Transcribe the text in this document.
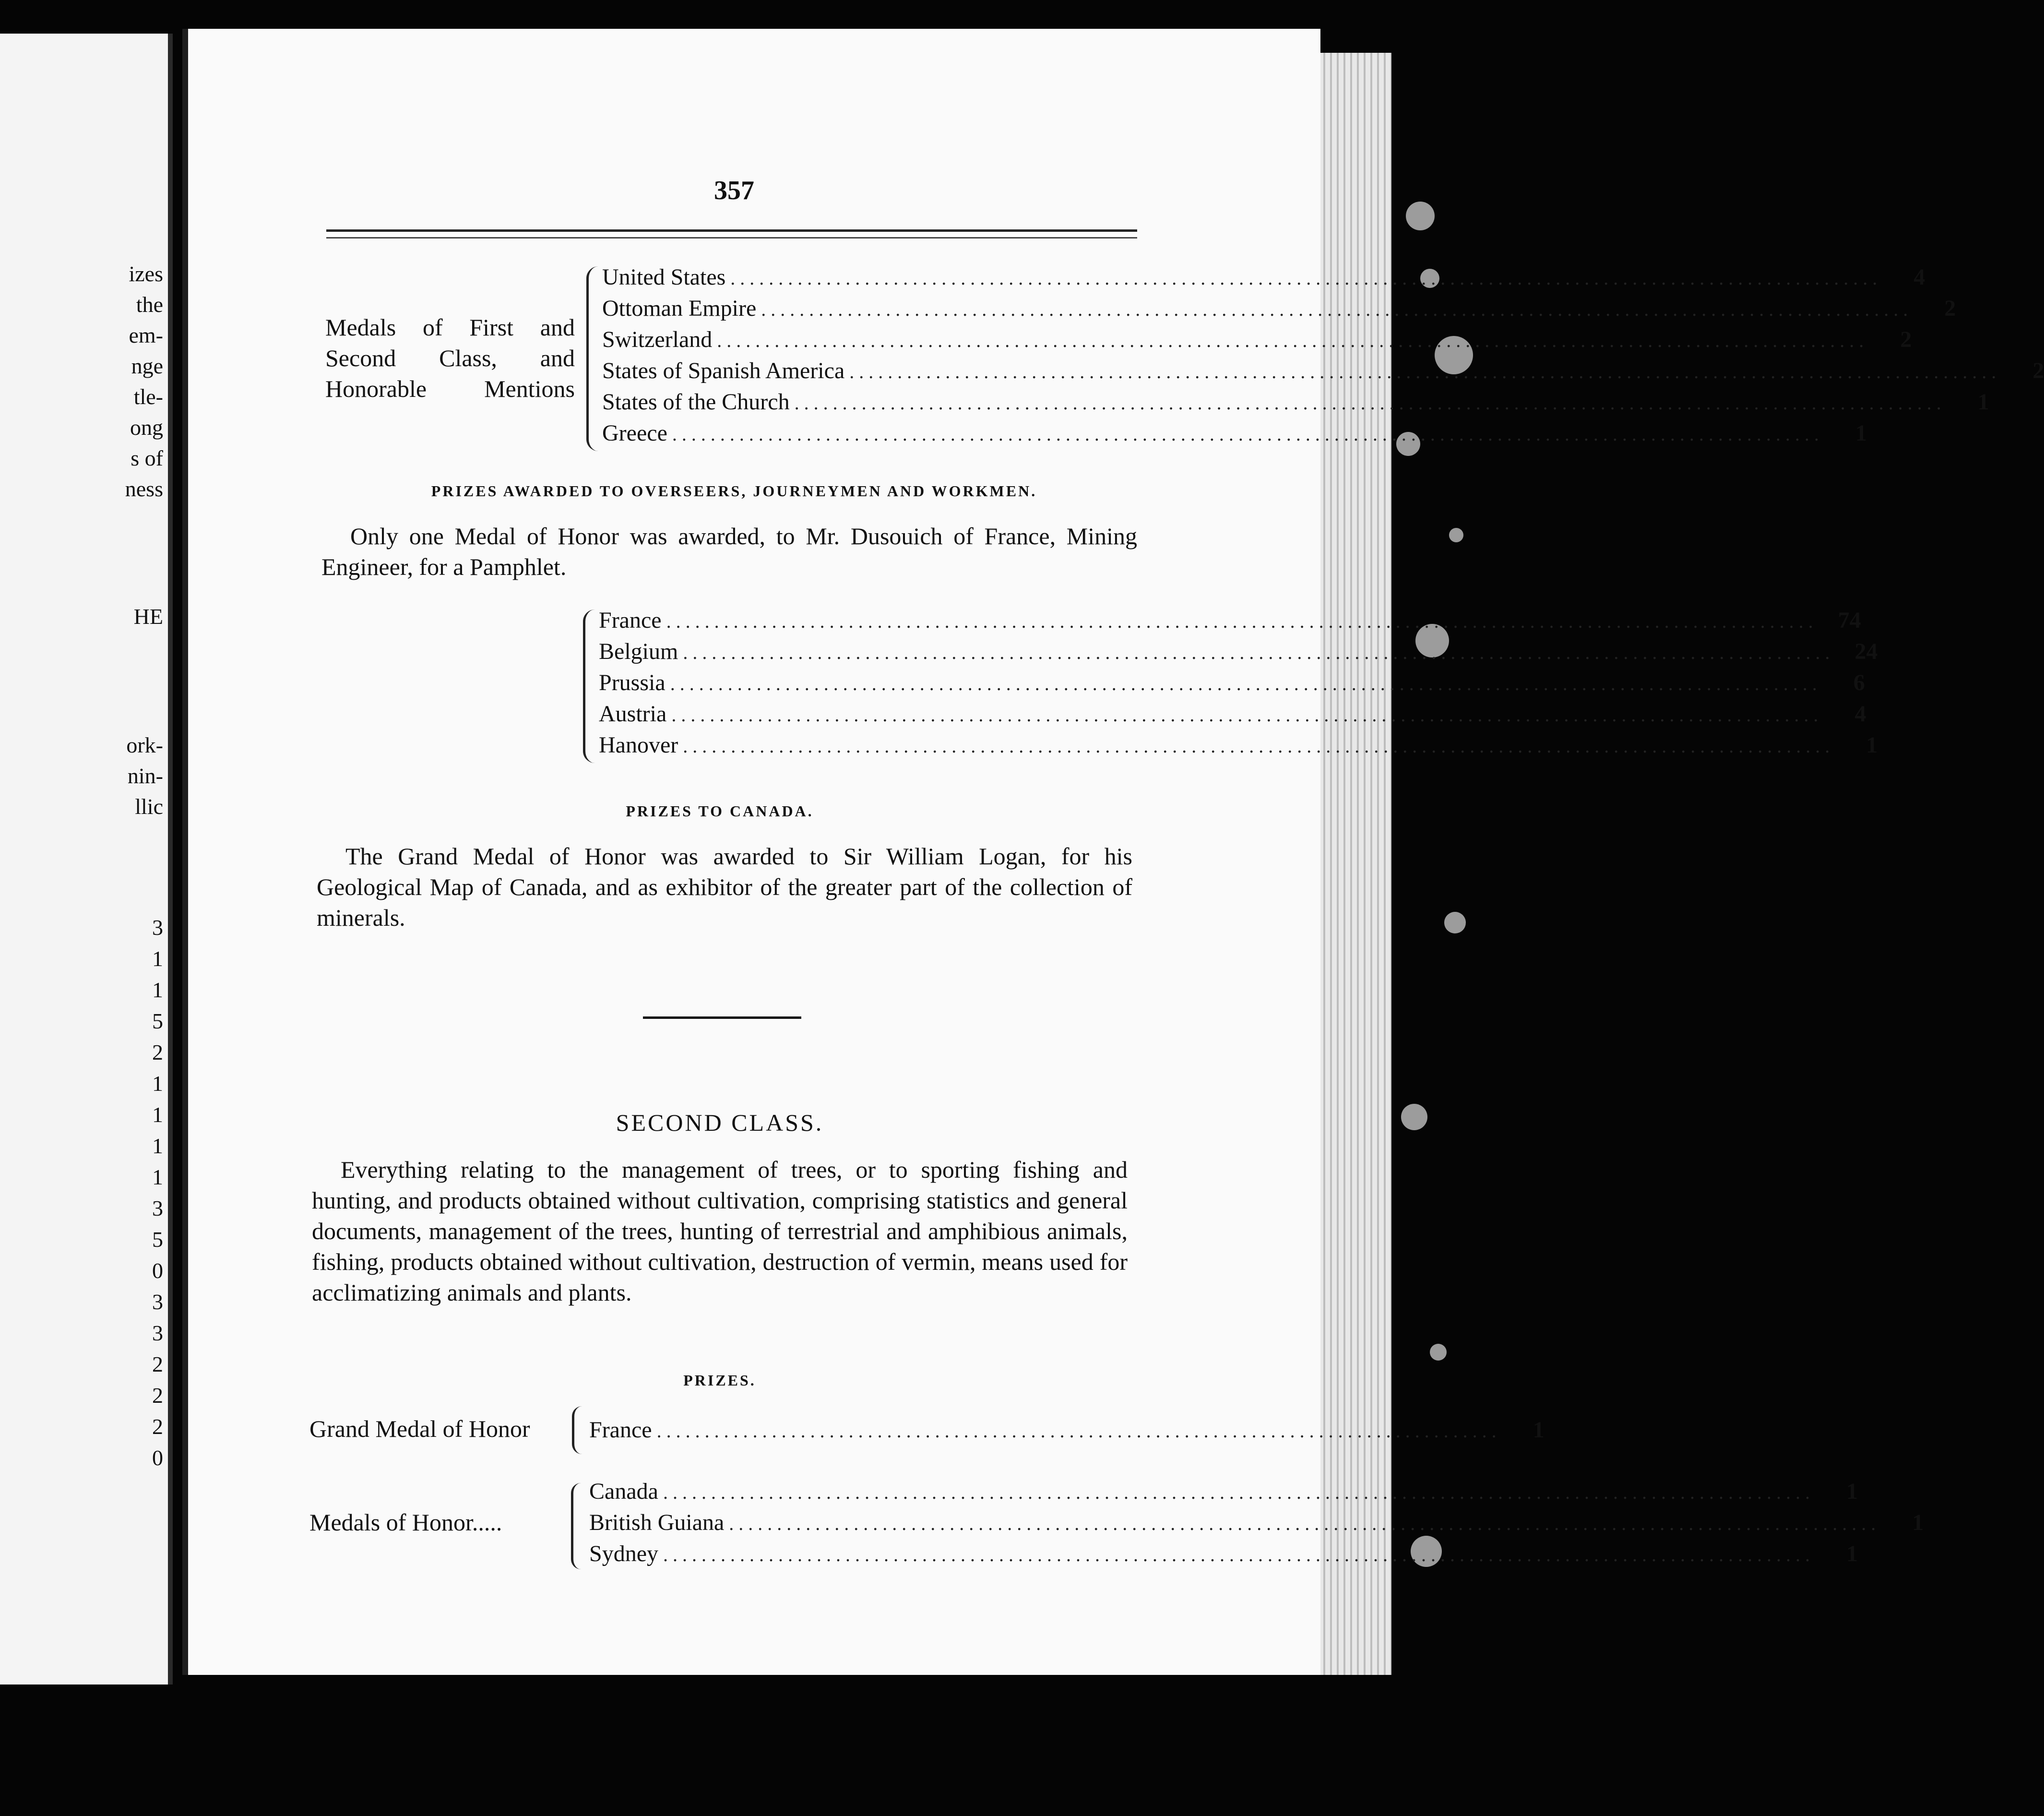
izes
the
em-
nge
tle-
ong
s of
ness
HE
ork-
nin-
llic
3
1
1
5
2
1
1
1
1
3
5
0
3
3
2
2
2
0
357
Medals of First and
Second Class, and
Honorable Mentions
United States ........................................................................................................................	4
Ottoman Empire ........................................................................................................................	2
Switzerland ........................................................................................................................	2
States of Spanish America ........................................................................................................................	2
States of the Church ........................................................................................................................	1
Greece ........................................................................................................................	1
PRIZES AWARDED TO OVERSEERS, JOURNEYMEN AND WORKMEN.

Only one Medal of Honor was awarded, to Mr. Dusouich of France, Mining Engineer, for a Pamphlet.

France ........................................................................................................................ 74
Belgium ........................................................................................................................ 24
Prussia ........................................................................................................................	6
Austria ........................................................................................................................	4
Hanover ........................................................................................................................	1
PRIZES TO CANADA.

The Grand Medal of Honor was awarded to Sir William Logan, for his Geological Map of Canada, and as exhibitor of the greater part of the collection of minerals.

SECOND CLASS.

Everything relating to the management of trees, or to sporting fishing and hunting, and products obtained without cultivation, comprising statistics and general documents, management of the trees, hunting of terrestrial and amphibious animals, fishing, products obtained without cultivation, destruction of vermin, means used for acclimatizing animals and plants.

PRIZES.
Grand Medal of Honor	France ........................................................................................	1
Medals of Honor.....
Canada ........................................................................................................................	1
British Guiana ........................................................................................................................	1
Sydney ........................................................................................................................	1
